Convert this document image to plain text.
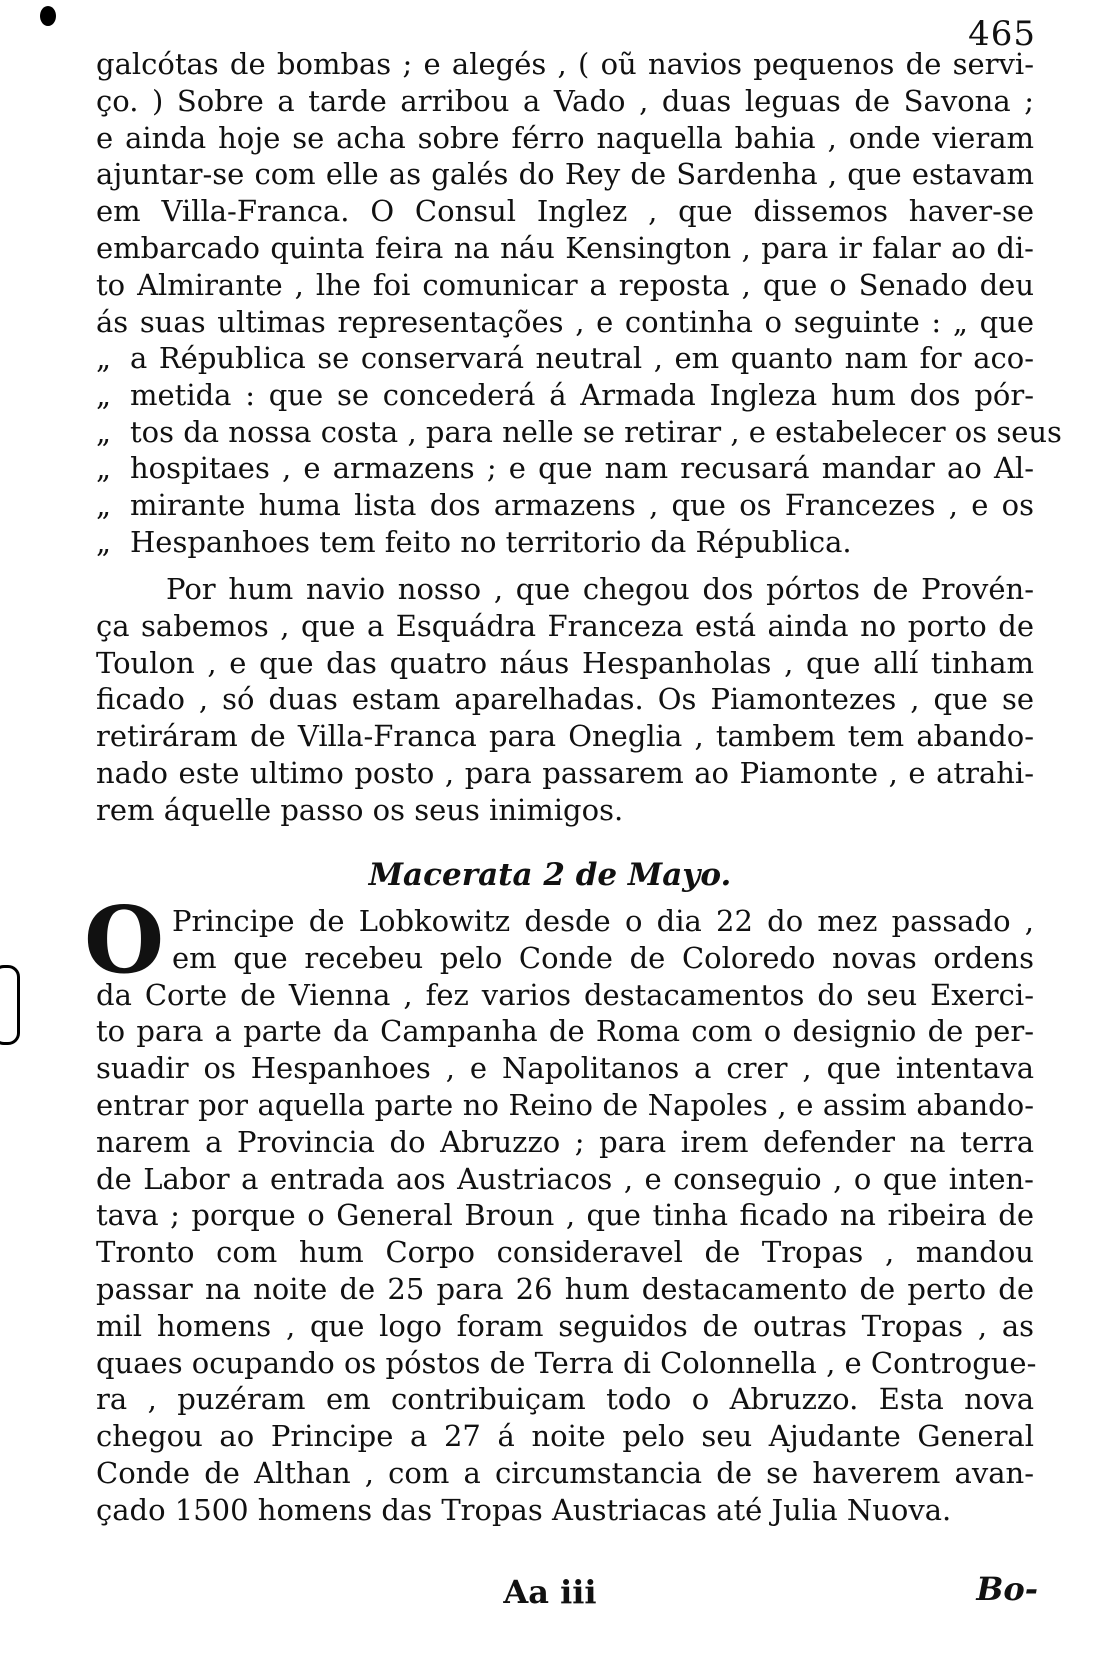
465
galcótas de bombas ; e alegés , ( oũ navios pequenos de servi-
ço. ) Sobre a tarde arribou a Vado , duas leguas de Savona ;
e ainda hoje se acha sobre férro naquella bahia , onde vieram
ajuntar-se com elle as galés do Rey de Sardenha , que estavam
em Villa-Franca. O Consul Inglez , que dissemos haver-se
embarcado quinta feira na náu Kensington , para ir falar ao di-
to Almirante , lhe foi comunicar a reposta , que o Senado deu
ás suas ultimas representações , e continha o seguinte : „ que
„ a Républica se conservará neutral , em quanto nam for aco-
„ metida : que se concederá á Armada Ingleza hum dos pór-
„ tos da nossa costa , para nelle se retirar , e estabelecer os seus
„ hospitaes , e armazens ; e que nam recusará mandar ao Al-
„ mirante huma lista dos armazens , que os Francezes , e os
„ Hespanhoes tem feito no territorio da Républica.
Por hum navio nosso , que chegou dos pórtos de Provén-
ça sabemos , que a Esquádra Franceza está ainda no porto de
Toulon , e que das quatro náus Hespanholas , que allí tinham
ficado , só duas estam aparelhadas. Os Piamontezes , que se
retiráram de Villa-Franca para Oneglia , tambem tem abando-
nado este ultimo posto , para passarem ao Piamonte , e atrahi-
rem áquelle passo os seus inimigos.
Macerata 2 de Mayo.
O Principe de Lobkowitz desde o dia 22 do mez passado ,
em que recebeu pelo Conde de Coloredo novas ordens
da Corte de Vienna , fez varios destacamentos do seu Exerci-
to para a parte da Campanha de Roma com o designio de per-
suadir os Hespanhoes , e Napolitanos a crer , que intentava
entrar por aquella parte no Reino de Napoles , e assim abando-
narem a Provincia do Abruzzo ; para irem defender na terra
de Labor a entrada aos Austriacos , e conseguio , o que inten-
tava ; porque o General Broun , que tinha ficado na ribeira de
Tronto com hum Corpo consideravel de Tropas , mandou
passar na noite de 25 para 26 hum destacamento de perto de
mil homens , que logo foram seguidos de outras Tropas , as
quaes ocupando os póstos de Terra di Colonnella , e Controgue-
ra , puzéram em contribuiçam todo o Abruzzo. Esta nova
chegou ao Principe a 27 á noite pelo seu Ajudante General
Conde de Althan , com a circumstancia de se haverem avan-
çado 1500 homens das Tropas Austriacas até Julia Nuova.
Aa iii	Bo-
